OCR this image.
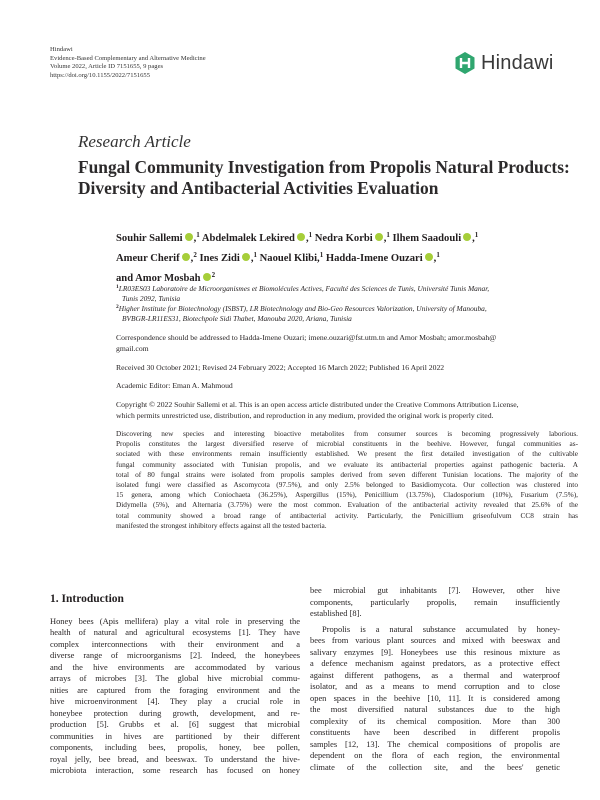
Hindawi
Evidence-Based Complementary and Alternative Medicine
Volume 2022, Article ID 7151655, 9 pages
https://doi.org/10.1155/2022/7151655
Hindawi
Research Article
Fungal Community Investigation from Propolis Natural Products:
Diversity and Antibacterial Activities Evaluation
Souhir Sallemi ,$^1$ Abdelmalek Lekired ,$^1$ Nedra Korbi ,$^1$ Ilhem Saadouli ,$^1$
Ameur Cherif ,$^2$ Ines Zidi ,$^1$ Naouel Klibi,$^1$ Hadda-Imene Ouzari ,$^1$
and Amor Mosbah $^2$
$^1$LR03ES03 Laboratoire de Microorganismes et Biomolécules Actives, Faculté des Sciences de Tunis, Université Tunis Manar,
Tunis 2092, Tunisia
$^2$Higher Institute for Biotechnology (ISBST), LR Biotechnology and Bio-Geo Resources Valorization, University of Manouba,
BVBGR-LR11ES31, Biotechpole Sidi Thabet, Manouba 2020, Ariana, Tunisia
Correspondence should be addressed to Hadda-Imene Ouzari; imene.ouzari@fst.utm.tn and Amor Mosbah; amor.mosbah@
gmail.com
Received 30 October 2021; Revised 24 February 2022; Accepted 16 March 2022; Published 16 April 2022
Academic Editor: Eman A. Mahmoud
Copyright © 2022 Souhir Sallemi et al. This is an open access article distributed under the Creative Commons Attribution License,
which permits unrestricted use, distribution, and reproduction in any medium, provided the original work is properly cited.
Discovering new species and interesting bioactive metabolites from consumer sources is becoming progressively laborious.
Propolis constitutes the largest diversified reserve of microbial constituents in the beehive. However, fungal communities as-
sociated with these environments remain insufficiently established. We present the first detailed investigation of the cultivable
fungal community associated with Tunisian propolis, and we evaluate its antibacterial properties against pathogenic bacteria. A
total of 80 fungal strains were isolated from propolis samples derived from seven different Tunisian locations. The majority of the
isolated fungi were classified as Ascomycota (97.5%), and only 2.5% belonged to Basidiomycota. Our collection was clustered into
15 genera, among which Coniochaeta (36.25%), Aspergillus (15%), Penicillium (13.75%), Cladosporium (10%), Fusarium (7.5%),
Didymella (5%), and Alternaria (3.75%) were the most common. Evaluation of the antibacterial activity revealed that 25.6% of the
total community showed a broad range of antibacterial activity. Particularly, the Penicillium griseofulvum CC8 strain has
manifested the strongest inhibitory effects against all the tested bacteria.
1. Introduction
Honey bees (Apis mellifera) play a vital role in preserving the
health of natural and agricultural ecosystems [1]. They have
complex interconnections with their environment and a
diverse range of microorganisms [2]. Indeed, the honeybees
and the hive environments are accommodated by various
arrays of microbes [3]. The global hive microbial commu-
nities are captured from the foraging environment and the
hive microenvironment [4]. They play a crucial role in
honeybee protection during growth, development, and re-
production [5]. Grubbs et al. [6] suggest that microbial
communities in hives are partitioned by their different
components, including bees, propolis, honey, bee pollen,
royal jelly, bee bread, and beeswax. To understand the hive-
microbiota interaction, some research has focused on honey
bee microbial gut inhabitants [7]. However, other hive
components, particularly propolis, remain insufficiently
established [8].
Propolis is a natural substance accumulated by honey-
bees from various plant sources and mixed with beeswax and
salivary enzymes [9]. Honeybees use this resinous mixture as
a defence mechanism against predators, as a protective effect
against different pathogens, as a thermal and waterproof
isolator, and as a means to mend corruption and to close
open spaces in the beehive [10, 11]. It is considered among
the most diversified natural substances due to the high
complexity of its chemical composition. More than 300
constituents have been described in different propolis
samples [12, 13]. The chemical compositions of propolis are
dependent on the flora of each region, the environmental
climate of the collection site, and the bees' genetic
